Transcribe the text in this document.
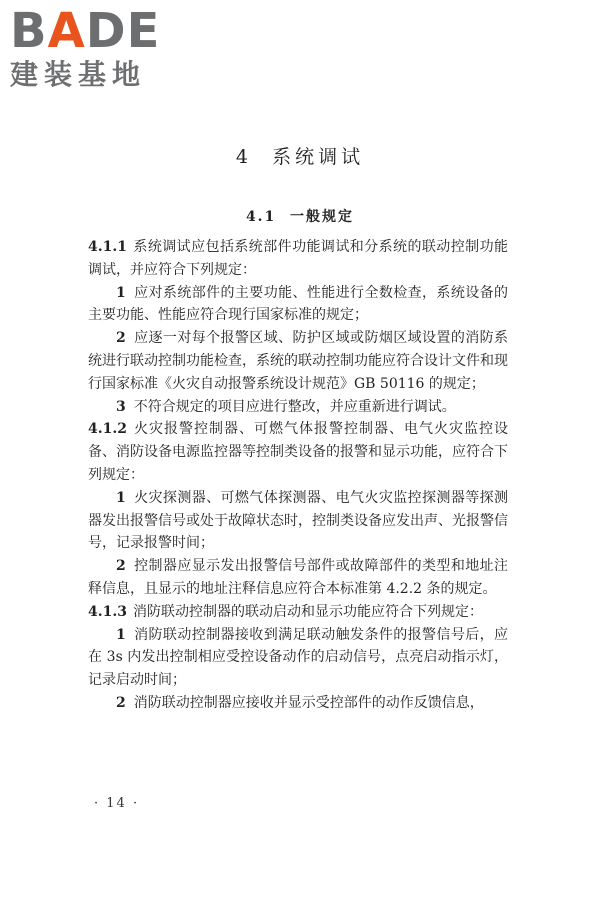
BADE
建装基地
4 系统调试
4.1 一般规定

4.1.1 系统调试应包括系统部件功能调试和分系统的联动控制功能调试，并应符合下列规定：

1 应对系统部件的主要功能、性能进行全数检查，系统设备的主要功能、性能应符合现行国家标准的规定；

2 应逐一对每个报警区域、防护区域或防烟区域设置的消防系统进行联动控制功能检查，系统的联动控制功能应符合设计文件和现行国家标准《火灾自动报警系统设计规范》GB 50116 的规定；

3 不符合规定的项目应进行整改，并应重新进行调试。

4.1.2 火灾报警控制器、可燃气体报警控制器、电气火灾监控设备、消防设备电源监控器等控制类设备的报警和显示功能，应符合下列规定：

1 火灾探测器、可燃气体探测器、电气火灾监控探测器等探测器发出报警信号或处于故障状态时，控制类设备应发出声、光报警信号，记录报警时间；

2 控制器应显示发出报警信号部件或故障部件的类型和地址注释信息，且显示的地址注释信息应符合本标准第 4.2.2 条的规定。

4.1.3 消防联动控制器的联动启动和显示功能应符合下列规定：

1 消防联动控制器接收到满足联动触发条件的报警信号后，应在 3s 内发出控制相应受控设备动作的启动信号，点亮启动指示灯，记录启动时间；

2 消防联动控制器应接收并显示受控部件的动作反馈信息，

· 14 ·
